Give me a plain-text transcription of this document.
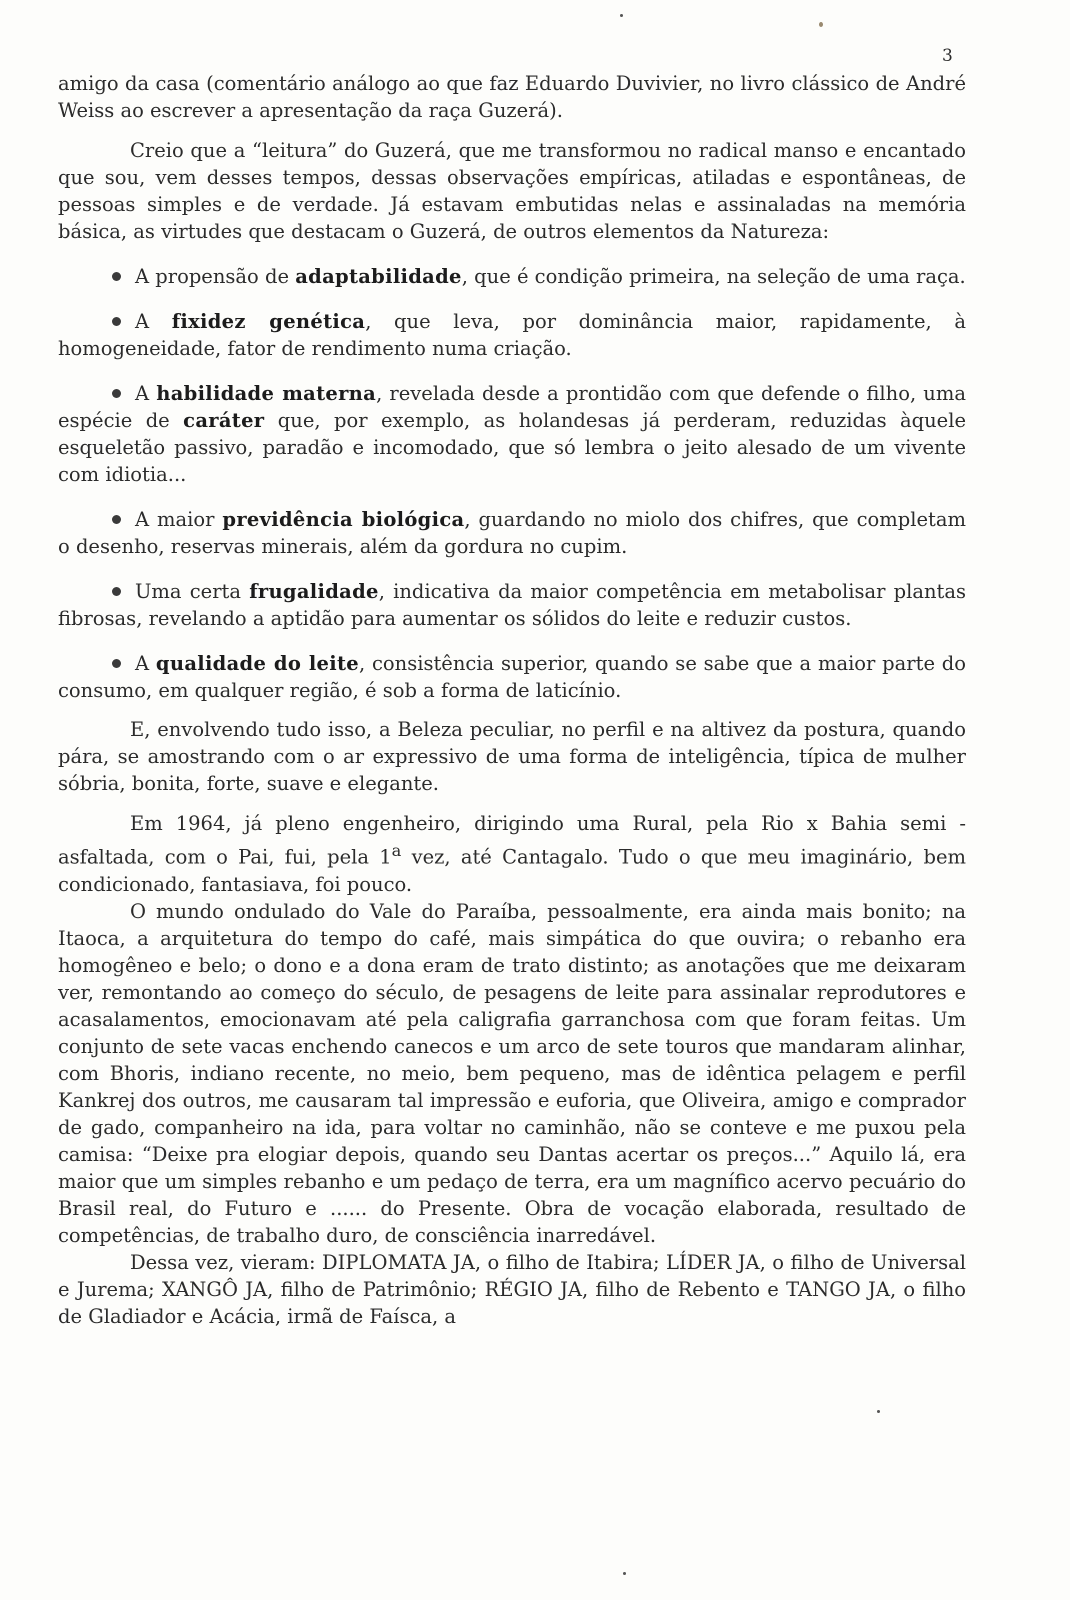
3

amigo da casa (comentário análogo ao que faz Eduardo Duvivier, no livro clássico de André Weiss ao escrever a apresentação da raça Guzerá).

Creio que a “leitura” do Guzerá, que me transformou no radical manso e encantado que sou, vem desses tempos, dessas observações empíricas, atiladas e espontâneas, de pessoas simples e de verdade. Já estavam embutidas nelas e assinaladas na memória básica, as virtudes que destacam o Guzerá, de outros elementos da Natureza:

A propensão de adaptabilidade, que é condição primeira, na seleção de uma raça.

A fixidez genética, que leva, por dominância maior, rapidamente, à homogeneidade, fator de rendimento numa criação.

A habilidade materna, revelada desde a prontidão com que defende o filho, uma espécie de caráter que, por exemplo, as holandesas já perderam, reduzidas àquele esqueletão passivo, paradão e incomodado, que só lembra o jeito alesado de um vivente com idiotia...

A maior previdência biológica, guardando no miolo dos chifres, que completam o desenho, reservas minerais, além da gordura no cupim.

Uma certa frugalidade, indicativa da maior competência em metabolisar plantas fibrosas, revelando a aptidão para aumentar os sólidos do leite e reduzir custos.

A qualidade do leite, consistência superior, quando se sabe que a maior parte do consumo, em qualquer região, é sob a forma de laticínio.

E, envolvendo tudo isso, a Beleza peculiar, no perfil e na altivez da postura, quando pára, se amostrando com o ar expressivo de uma forma de inteligência, típica de mulher sóbria, bonita, forte, suave e elegante.

Em 1964, já pleno engenheiro, dirigindo uma Rural, pela Rio x Bahia semi - asfaltada, com o Pai, fui, pela 1$^a$ vez, até Cantagalo. Tudo o que meu imaginário, bem condicionado, fantasiava, foi pouco.

O mundo ondulado do Vale do Paraíba, pessoalmente, era ainda mais bonito; na Itaoca, a arquitetura do tempo do café, mais simpática do que ouvira; o rebanho era homogêneo e belo; o dono e a dona eram de trato distinto; as anotações que me deixaram ver, remontando ao começo do século, de pesagens de leite para assinalar reprodutores e acasalamentos, emocionavam até pela caligrafia garranchosa com que foram feitas. Um conjunto de sete vacas enchendo canecos e um arco de sete touros que mandaram alinhar, com Bhoris, indiano recente, no meio, bem pequeno, mas de idêntica pelagem e perfil Kankrej dos outros, me causaram tal impressão e euforia, que Oliveira, amigo e comprador de gado, companheiro na ida, para voltar no caminhão, não se conteve e me puxou pela camisa: “Deixe pra elogiar depois, quando seu Dantas acertar os preços...” Aquilo lá, era maior que um simples rebanho e um pedaço de terra, era um magnífico acervo pecuário do Brasil real, do Futuro e ...... do Presente. Obra de vocação elaborada, resultado de competências, de trabalho duro, de consciência inarredável.

Dessa vez, vieram: DIPLOMATA JA, o filho de Itabira; LÍDER JA, o filho de Universal e Jurema; XANGÔ JA, filho de Patrimônio; RÉGIO JA, filho de Rebento e TANGO JA, o filho de Gladiador e Acácia, irmã de Faísca, a
